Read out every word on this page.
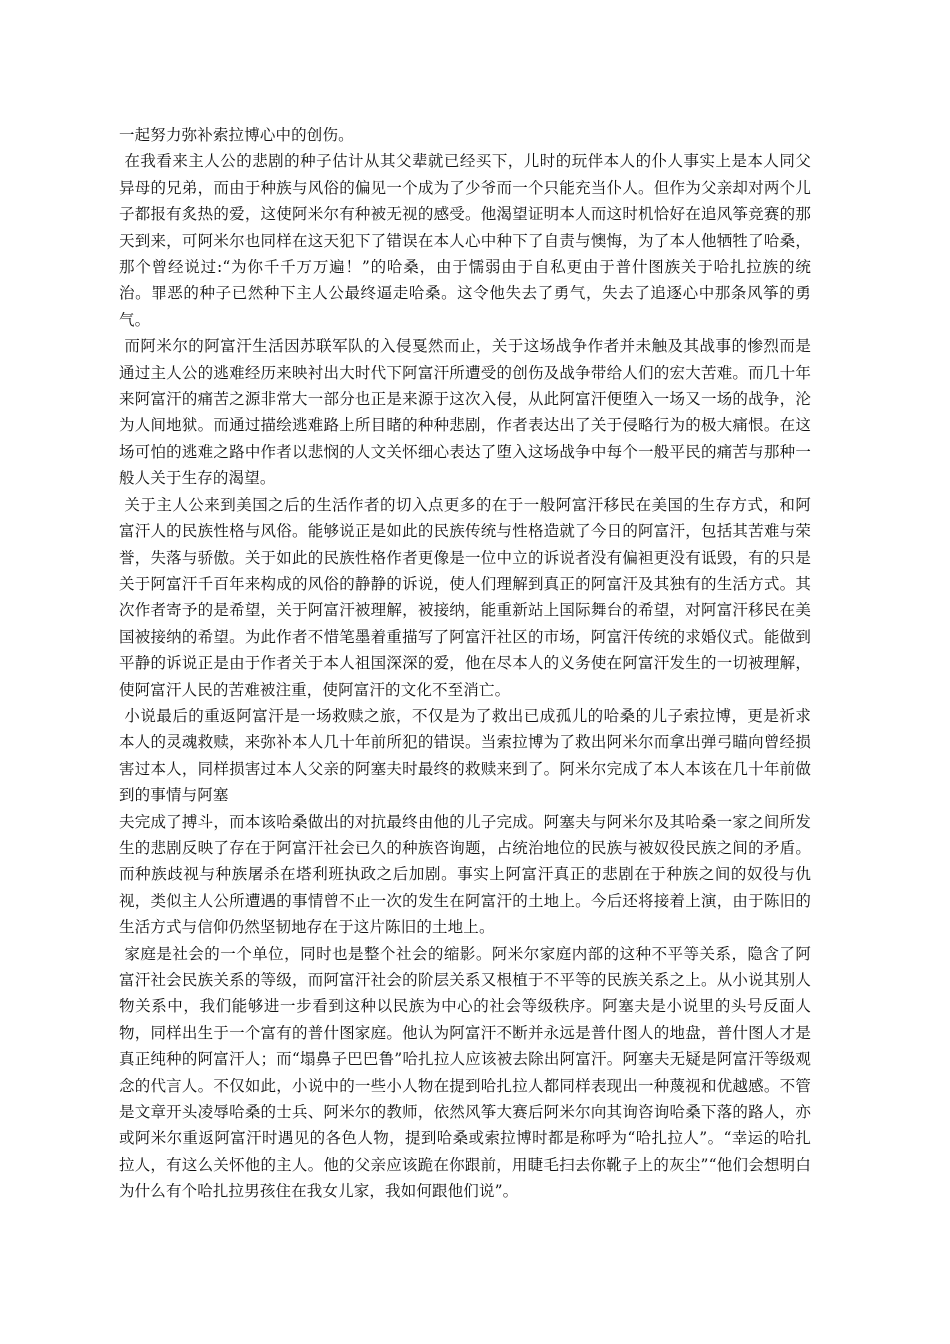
一起努力弥补索拉博心中的创伤。

在我看来主人公的悲剧的种子估计从其父辈就已经买下，儿时的玩伴本人的仆人事实上是本人同父异母的兄弟，而由于种族与风俗的偏见一个成为了少爷而一个只能充当仆人。但作为父亲却对两个儿子都报有炙热的爱，这使阿米尔有种被无视的感受。他渴望证明本人而这时机恰好在追风筝竞赛的那天到来，可阿米尔也同样在这天犯下了错误在本人心中种下了自责与懊悔，为了本人他牺牲了哈桑，那个曾经说过:“为你千千万万遍！”的哈桑，由于懦弱由于自私更由于普什图族关于哈扎拉族的统治。罪恶的种子已然种下主人公最终逼走哈桑。这令他失去了勇气，失去了追逐心中那条风筝的勇气。

而阿米尔的阿富汗生活因苏联军队的入侵戛然而止，关于这场战争作者并未触及其战事的惨烈而是通过主人公的逃难经历来映衬出大时代下阿富汗所遭受的创伤及战争带给人们的宏大苦难。而几十年来阿富汗的痛苦之源非常大一部分也正是来源于这次入侵，从此阿富汗便堕入一场又一场的战争，沦为人间地狱。而通过描绘逃难路上所目睹的种种悲剧，作者表达出了关于侵略行为的极大痛恨。在这场可怕的逃难之路中作者以悲悯的人文关怀细心表达了堕入这场战争中每个一般平民的痛苦与那种一般人关于生存的渴望。

关于主人公来到美国之后的生活作者的切入点更多的在于一般阿富汗移民在美国的生存方式，和阿富汗人的民族性格与风俗。能够说正是如此的民族传统与性格造就了今日的阿富汗，包括其苦难与荣誉，失落与骄傲。关于如此的民族性格作者更像是一位中立的诉说者没有偏袒更没有诋毁，有的只是关于阿富汗千百年来构成的风俗的静静的诉说，使人们理解到真正的阿富汗及其独有的生活方式。其次作者寄予的是希望，关于阿富汗被理解，被接纳，能重新站上国际舞台的希望，对阿富汗移民在美国被接纳的希望。为此作者不惜笔墨着重描写了阿富汗社区的市场，阿富汗传统的求婚仪式。能做到平静的诉说正是由于作者关于本人祖国深深的爱，他在尽本人的义务使在阿富汗发生的一切被理解，使阿富汗人民的苦难被注重，使阿富汗的文化不至消亡。

小说最后的重返阿富汗是一场救赎之旅，不仅是为了救出已成孤儿的哈桑的儿子索拉博，更是祈求本人的灵魂救赎，来弥补本人几十年前所犯的错误。当索拉博为了救出阿米尔而拿出弹弓瞄向曾经损害过本人，同样损害过本人父亲的阿塞夫时最终的救赎来到了。阿米尔完成了本人本该在几十年前做到的事情与阿塞

夫完成了搏斗，而本该哈桑做出的对抗最终由他的儿子完成。阿塞夫与阿米尔及其哈桑一家之间所发生的悲剧反映了存在于阿富汗社会已久的种族咨询题，占统治地位的民族与被奴役民族之间的矛盾。而种族歧视与种族屠杀在塔利班执政之后加剧。事实上阿富汗真正的悲剧在于种族之间的奴役与仇视，类似主人公所遭遇的事情曾不止一次的发生在阿富汗的土地上。今后还将接着上演，由于陈旧的生活方式与信仰仍然坚韧地存在于这片陈旧的土地上。

家庭是社会的一个单位，同时也是整个社会的缩影。阿米尔家庭内部的这种不平等关系，隐含了阿富汗社会民族关系的等级，而阿富汗社会的阶层关系又根植于不平等的民族关系之上。从小说其别人物关系中，我们能够进一步看到这种以民族为中心的社会等级秩序。阿塞夫是小说里的头号反面人物，同样出生于一个富有的普什图家庭。他认为阿富汗不断并永远是普什图人的地盘，普什图人才是真正纯种的阿富汗人；而“塌鼻子巴巴鲁”哈扎拉人应该被去除出阿富汗。阿塞夫无疑是阿富汗等级观念的代言人。不仅如此，小说中的一些小人物在提到哈扎拉人都同样表现出一种蔑视和优越感。不管是文章开头凌辱哈桑的士兵、阿米尔的教师，依然风筝大赛后阿米尔向其询咨询哈桑下落的路人，亦或阿米尔重返阿富汗时遇见的各色人物，提到哈桑或索拉博时都是称呼为“哈扎拉人”。“幸运的哈扎拉人，有这么关怀他的主人。他的父亲应该跪在你跟前，用睫毛扫去你靴子上的灰尘”“他们会想明白为什么有个哈扎拉男孩住在我女儿家，我如何跟他们说”。
